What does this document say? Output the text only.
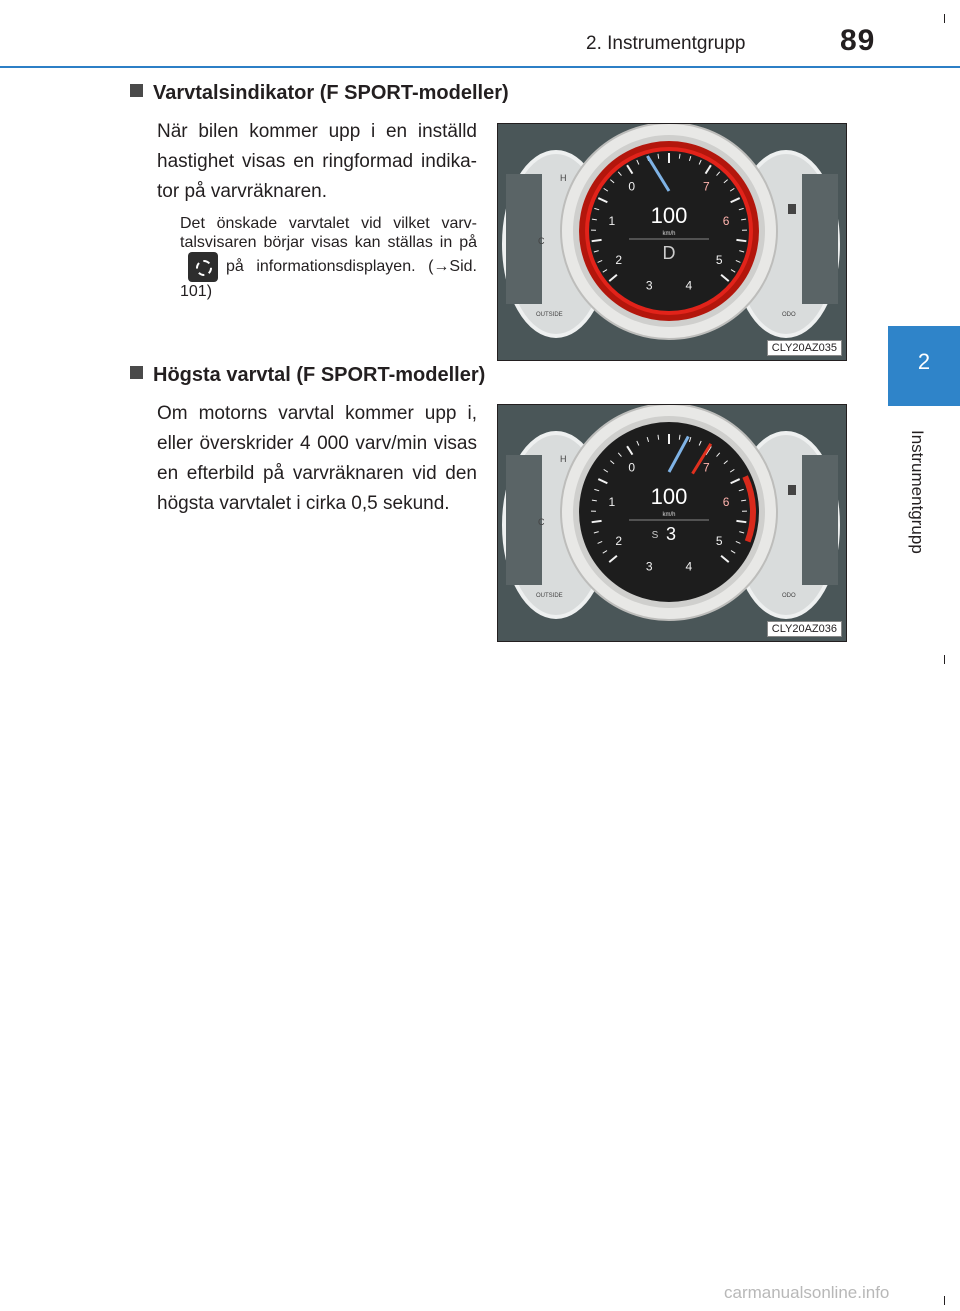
2. Instrumentgrupp	89
2
Instrumentgrupp
Varvtalsindikator (F SPORT-modeller)
När bilen kommer upp i en inställd hastighet visas en ringformad indika-tor på varvräknaren.
Det önskade varvtalet vid vilket varv-talsvisaren börjar visas kan ställas in påpå informationsdisplayen. (→Sid. 101)
H
C
OUTSIDE	ODO
0
1
2
3	4
5
6
7
100
km/h
D
CLY20AZ035
Högsta varvtal (F SPORT-modeller)
Om motorns varvtal kommer upp i, eller överskrider 4 000 varv/min visas en efterbild på varvräknaren vid den högsta varvtalet i cirka 0,5 sekund.
H
C
OUTSIDE	ODO
0
1
2
3	4
5
6
7
100
km/h
S 3
CLY20AZ036
carmanualsonline.info
